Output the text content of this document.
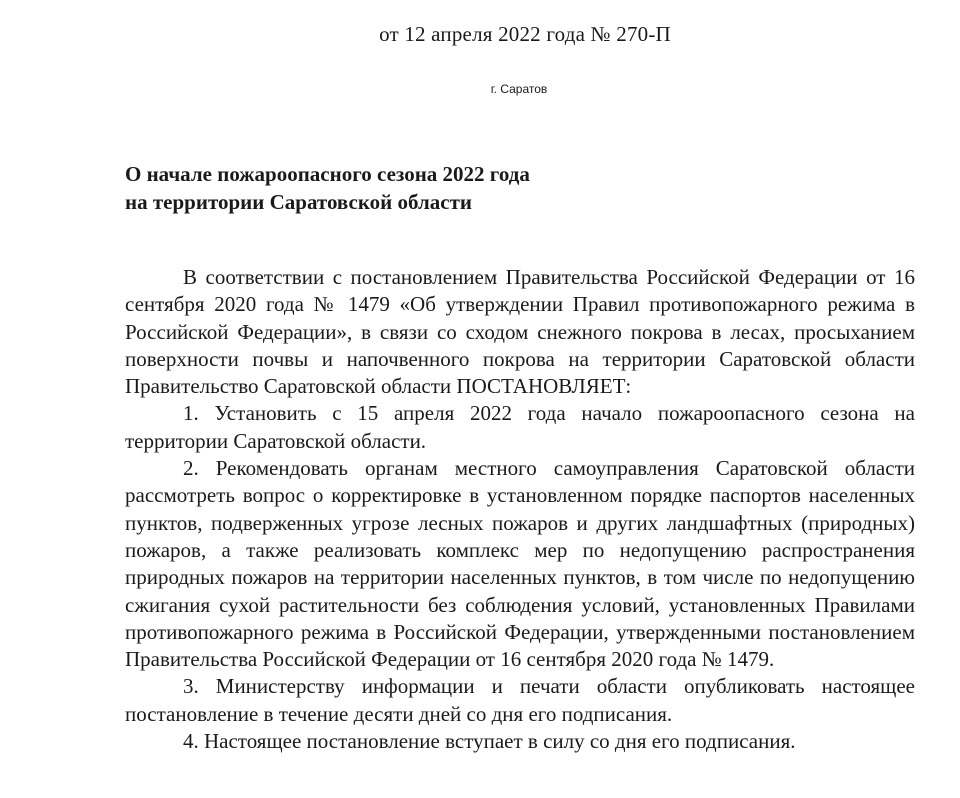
от 12 апреля 2022 года № 270-П
г. Саратов
О начале пожароопасного сезона 2022 года
на территории Саратовской области

В соответствии с постановлением Правительства Российской Федерации от 16 сентября 2020 года № 1479 «Об утверждении Правил противопожарного режима в Российской Федерации», в связи со сходом снежного покрова в лесах, просыханием поверхности почвы и напочвенного покрова на территории Саратовской области Правительство Саратовской области ПОСТАНОВЛЯЕТ:

1. Установить с 15 апреля 2022 года начало пожароопасного сезона на территории Саратовской области.

2. Рекомендовать органам местного самоуправления Саратовской области рассмотреть вопрос о корректировке в установленном порядке паспортов населенных пунктов, подверженных угрозе лесных пожаров и других ландшафтных (природных) пожаров, а также реализовать комплекс мер по недопущению распространения природных пожаров на территории населенных пунктов, в том числе по недопущению сжигания сухой растительности без соблюдения условий, установленных Правилами противопожарного режима в Российской Федерации, утвержденными постановлением Правительства Российской Федерации от 16 сентября 2020 года № 1479.

3. Министерству информации и печати области опубликовать настоящее постановление в течение десяти дней со дня его подписания.

4. Настоящее постановление вступает в силу со дня его подписания.
